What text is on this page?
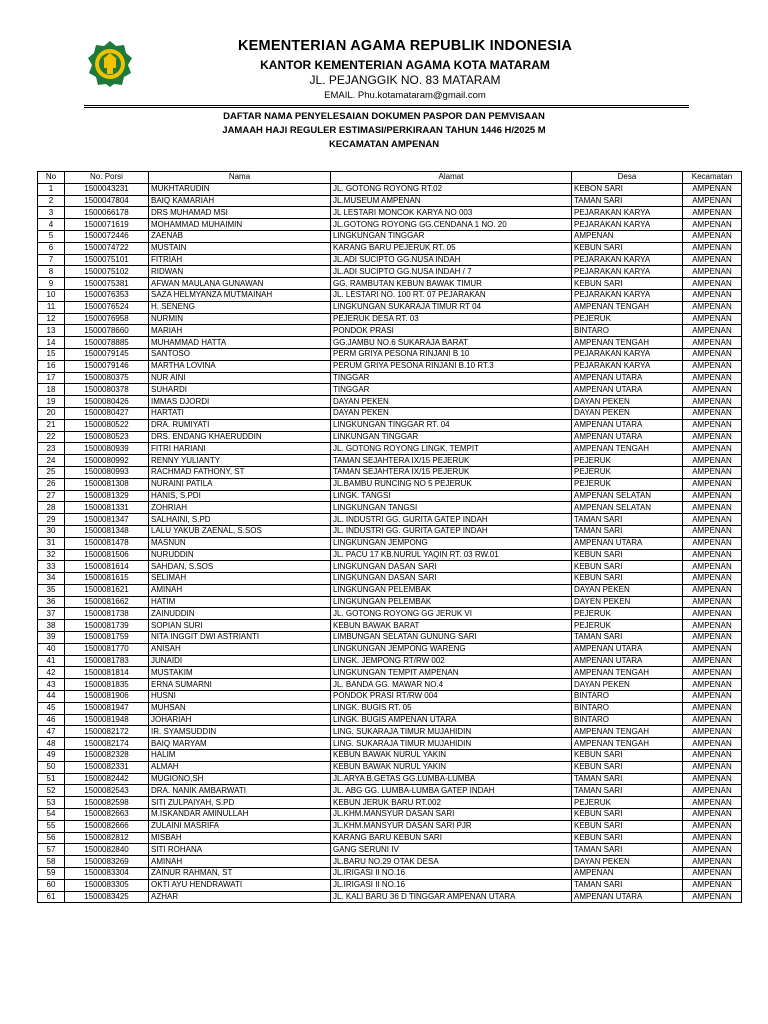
KEMENTERIAN AGAMA REPUBLIK INDONESIA
KANTOR KEMENTERIAN AGAMA KOTA MATARAM
JL. PEJANGGIK NO. 83 MATARAM
EMAIL. Phu.kotamataram@gmail.com
DAFTAR NAMA PENYELESAIAN DOKUMEN PASPOR DAN PEMVISAAN
JAMAAH HAJI REGULER ESTIMASI/PERKIRAAN TAHUN 1446 H/2025 M
KECAMATAN AMPENAN
No	No. Porsi	Nama	Alamat	Desa	Kecamatan
1	1500043231	MUKHTARUDIN	JL. GOTONG ROYONG RT.02	KEBON SARI	AMPENAN
2	1500047804	BAIQ KAMARIAH	JL.MUSEUM AMPENAN	TAMAN SARI	AMPENAN
3	1500066178	DRS MUHAMAD MSI	JL LESTARI MONCOK KARYA NO 003	PEJARAKAN KARYA	AMPENAN
4	1500071619	MOHAMMAD MUHAIMIN	JL.GOTONG ROYONG GG.CENDANA 1 NO. 20	PEJARAKAN KARYA	AMPENAN
5	1500072446	ZAENAB	LINGKUNGAN TINGGAR	AMPENAN	AMPENAN
6	1500074722	MUSTAIN	KARANG BARU PEJERUK RT. 05	KEBUN SARI	AMPENAN
7	1500075101	FITRIAH	JL.ADI SUCIPTO GG.NUSA INDAH	PEJARAKAN KARYA	AMPENAN
8	1500075102	RIDWAN	JL.ADI SUCIPTO GG.NUSA INDAH / 7	PEJARAKAN KARYA	AMPENAN
9	1500075381	AFWAN MAULANA GUNAWAN	GG. RAMBUTAN KEBUN BAWAK TIMUR	KEBUN SARI	AMPENAN
10	1500076353	SAZA HELMYANZA MUTMAINAH	JL. LESTARI NO. 100 RT. 07 PEJARAKAN	PEJARAKAN KARYA	AMPENAN
11	1500076524	H. SENENG	LINGKUNGAN SUKARAJA TIMUR RT 04	AMPENAN TENGAH	AMPENAN
12	1500076958	NURMIN	PEJERUK DESA RT. 03	PEJERUK	AMPENAN
13	1500078660	MARIAH	PONDOK PRASI	BINTARO	AMPENAN
14	1500078885	MUHAMMAD HATTA	GG.JAMBU NO.6 SUKARAJA BARAT	AMPENAN TENGAH	AMPENAN
15	1500079145	SANTOSO	PERM GRIYA PESONA RINJANI B 10	PEJARAKAN KARYA	AMPENAN
16	1500079146	MARTHA LOVINA	PERUM GRIYA PESONA RINJANI B.10 RT.3	PEJARAKAN KARYA	AMPENAN
17	1500080375	NUR AINI	TINGGAR	AMPENAN UTARA	AMPENAN
18	1500080378	SUHARDI	TINGGAR	AMPENAN UTARA	AMPENAN
19	1500080426	IMMAS DJORDI	DAYAN PEKEN	DAYAN PEKEN	AMPENAN
20	1500080427	HARTATI	DAYAN PEKEN	DAYAN PEKEN	AMPENAN
21	1500080522	DRA. RUMIYATI	LINGKUNGAN TINGGAR RT. 04	AMPENAN UTARA	AMPENAN
22	1500080523	DRS. ENDANG KHAERUDDIN	LINKUNGAN TINGGAR	AMPENAN UTARA	AMPENAN
23	1500080939	FITRI HARIANI	JL. GOTONG ROYONG LINGK. TEMPIT	AMPENAN TENGAH	AMPENAN
24	1500080992	RENNY YULIANTY	TAMAN SEJAHTERA IX/15 PEJERUK	PEJERUK	AMPENAN
25	1500080993	RACHMAD FATHONY, ST	TAMAN SEJAHTERA IX/15 PEJERUK	PEJERUK	AMPENAN
26	1500081308	NURAINI PATILA	JL.BAMBU RUNCING NO 5 PEJERUK	PEJERUK	AMPENAN
27	1500081329	HANIS, S.PDI	LINGK. TANGSI	AMPENAN SELATAN	AMPENAN
28	1500081331	ZOHRIAH	LINGKUNGAN TANGSI	AMPENAN SELATAN	AMPENAN
29	1500081347	SALHAINI, S.PD	JL. INDUSTRI GG. GURITA GATEP INDAH	TAMAN SARI	AMPENAN
30	1500081348	LALU YAKUB ZAENAL, S.SOS	JL. INDUSTRI GG. GURITA GATEP INDAH	TAMAN SARI	AMPENAN
31	1500081478	MASNUN	LINGKUNGAN JEMPONG	AMPENAN UTARA	AMPENAN
32	1500081506	NURUDDIN	JL. PACU 17 KB.NURUL YAQIN RT. 03 RW.01	KEBUN SARI	AMPENAN
33	1500081614	SAHDAN, S.SOS	LINGKUNGAN DASAN SARI	KEBUN SARI	AMPENAN
34	1500081615	SELIMAH	LINGKUNGAN DASAN SARI	KEBUN SARI	AMPENAN
35	1500081621	AMINAH	LINGKUNGAN PELEMBAK	DAYAN PEKEN	AMPENAN
36	1500081662	HATIM	LINGKUNGAN PELEMBAK	DAYEN PEKEN	AMPENAN
37	1500081738	ZAINUDDIN	JL. GOTONG ROYONG GG JERUK VI	PEJERUK	AMPENAN
38	1500081739	SOPIAN SURI	KEBUN BAWAK BARAT	PEJERUK	AMPENAN
39	1500081759	NITA INGGIT DWI ASTRIANTI	LIMBUNGAN SELATAN GUNUNG SARI	TAMAN SARI	AMPENAN
40	1500081770	ANISAH	LINGKUNGAN JEMPONG WARENG	AMPENAN UTARA	AMPENAN
41	1500081783	JUNAIDI	LINGK. JEMPONG RT/RW 002	AMPENAN UTARA	AMPENAN
42	1500081814	MUSTAKIM	LINGKUNGAN TEMPIT AMPENAN	AMPENAN TENGAH	AMPENAN
43	1500081835	ERNA SUMARNI	JL. BANDA GG. MAWAR NO.4	DAYAN PEKEN	AMPENAN
44	1500081906	HUSNI	PONDOK PRASI RT/RW 004	BINTARO	AMPENAN
45	1500081947	MUHSAN	LINGK. BUGIS RT. 05	BINTARO	AMPENAN
46	1500081948	JOHARIAH	LINGK. BUGIS AMPENAN UTARA	BINTARO	AMPENAN
47	1500082172	IR. SYAMSUDDIN	LING. SUKARAJA TIMUR MUJAHIDIN	AMPENAN TENGAH	AMPENAN
48	1500082174	BAIQ MARYAM	LING. SUKARAJA TIMUR MUJAHIDIN	AMPENAN TENGAH	AMPENAN
49	1500082328	HALIM	KEBUN BAWAK NURUL YAKIN	KEBUN SARI	AMPENAN
50	1500082331	ALMAH	KEBUN BAWAK NURUL YAKIN	KEBUN SARI	AMPENAN
51	1500082442	MUGIONO,SH	JL.ARYA B.GETAS GG.LUMBA-LUMBA	TAMAN SARI	AMPENAN
52	1500082543	DRA. NANIK AMBARWATI	JL. ABG GG. LUMBA-LUMBA GATEP INDAH	TAMAN SARI	AMPENAN
53	1500082598	SITI ZULPAIYAH, S.PD	KEBUN JERUK BARU RT.002	PEJERUK	AMPENAN
54	1500082663	M.ISKANDAR AMINULLAH	JL.KHM.MANSYUR DASAN SARI	KEBUN SARI	AMPENAN
55	1500082666	ZULAINI MASRIFA	JL.KHM.MANSYUR DASAN SARI PJR	KEBUN SARI	AMPENAN
56	1500082812	MISBAH	KARANG BARU KEBUN SARI	KEBUN SARI	AMPENAN
57	1500082840	SITI ROHANA	GANG SERUNI IV	TAMAN SARI	AMPENAN
58	1500083269	AMINAH	JL.BARU NO.29 OTAK DESA	DAYAN PEKEN	AMPENAN
59	1500083304	ZAINUR RAHMAN, ST	JL.IRIGASI II NO.16	AMPENAN	AMPENAN
60	1500083305	OKTI AYU HENDRAWATI	JL.IRIGASI II NO.16	TAMAN SARI	AMPENAN
61	1500083425	AZHAR	JL. KALI BARU 36 D TINGGAR AMPENAN UTARA	AMPENAN UTARA	AMPENAN
